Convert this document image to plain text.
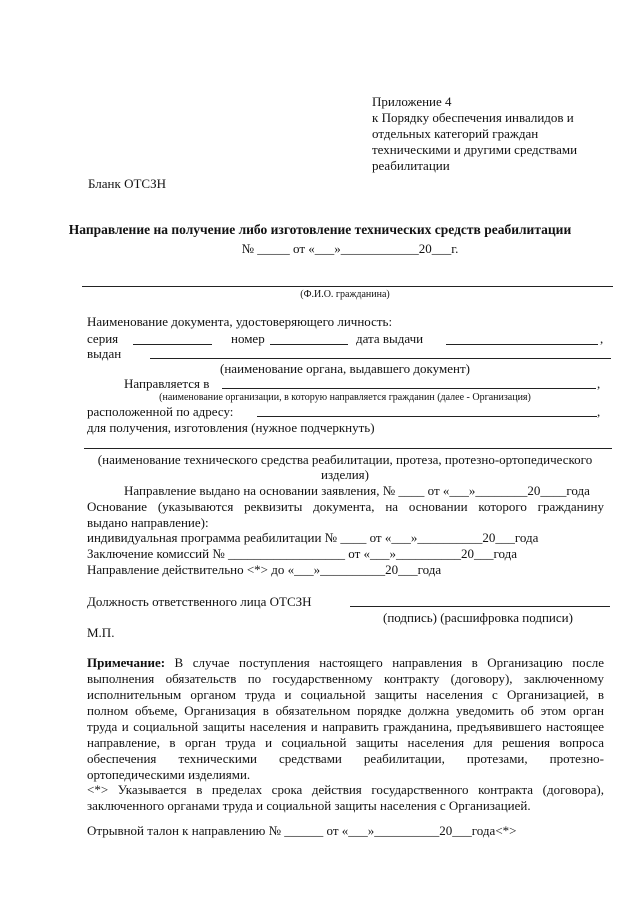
Приложение 4
к Порядку обеспечения инвалидов и
отдельных категорий граждан
техническими и другими средствами
реабилитации
Бланк ОТСЗН
Направление на получение либо изготовление технических средств реабилитации
№ _____ от «___»____________20___г.
(Ф.И.О. гражданина)
Наименование документа, удостоверяющего личность:
серия	номер	дата выдачи	,
выдан
(наименование органа, выдавшего документ)
Направляется в	,
(наименование организации, в которую направляется гражданин (далее - Организация)
расположенной по адресу:	,
для получения, изготовления (нужное подчеркнуть)
(наименование технического средства реабилитации, протеза, протезно-ортопедического
изделия)
Направление выдано на основании заявления, № ____ от «___»________20____года
Основание (указываются реквизиты документа, на основании которого гражданину
выдано направление):
индивидуальная программа реабилитации № ____ от «___»__________20___года
Заключение комиссий № __________________ от «___»__________20___года
Направление действительно <*> до «___»__________20___года
Должность ответственного лица ОТСЗН
(подпись) (расшифровка подписи)
М.П.
Примечание: В случае поступления настоящего направления в Организацию после
выполнения обязательств по государственному контракту (договору), заключенному
исполнительным органом труда и социальной защиты населения с Организацией, в
полном объеме, Организация в обязательном порядке должна уведомить об этом орган
труда и социальной защиты населения и направить гражданина, предъявившего настоящее
направление, в орган труда и социальной защиты населения для решения вопроса
обеспечения техническими средствами реабилитации, протезами, протезно-
ортопедическими изделиями.
<*> Указывается в пределах срока действия государственного контракта (договора),
заключенного органами труда и социальной защиты населения с Организацией.
Отрывной талон к направлению № ______ от «___»__________20___года<*>
